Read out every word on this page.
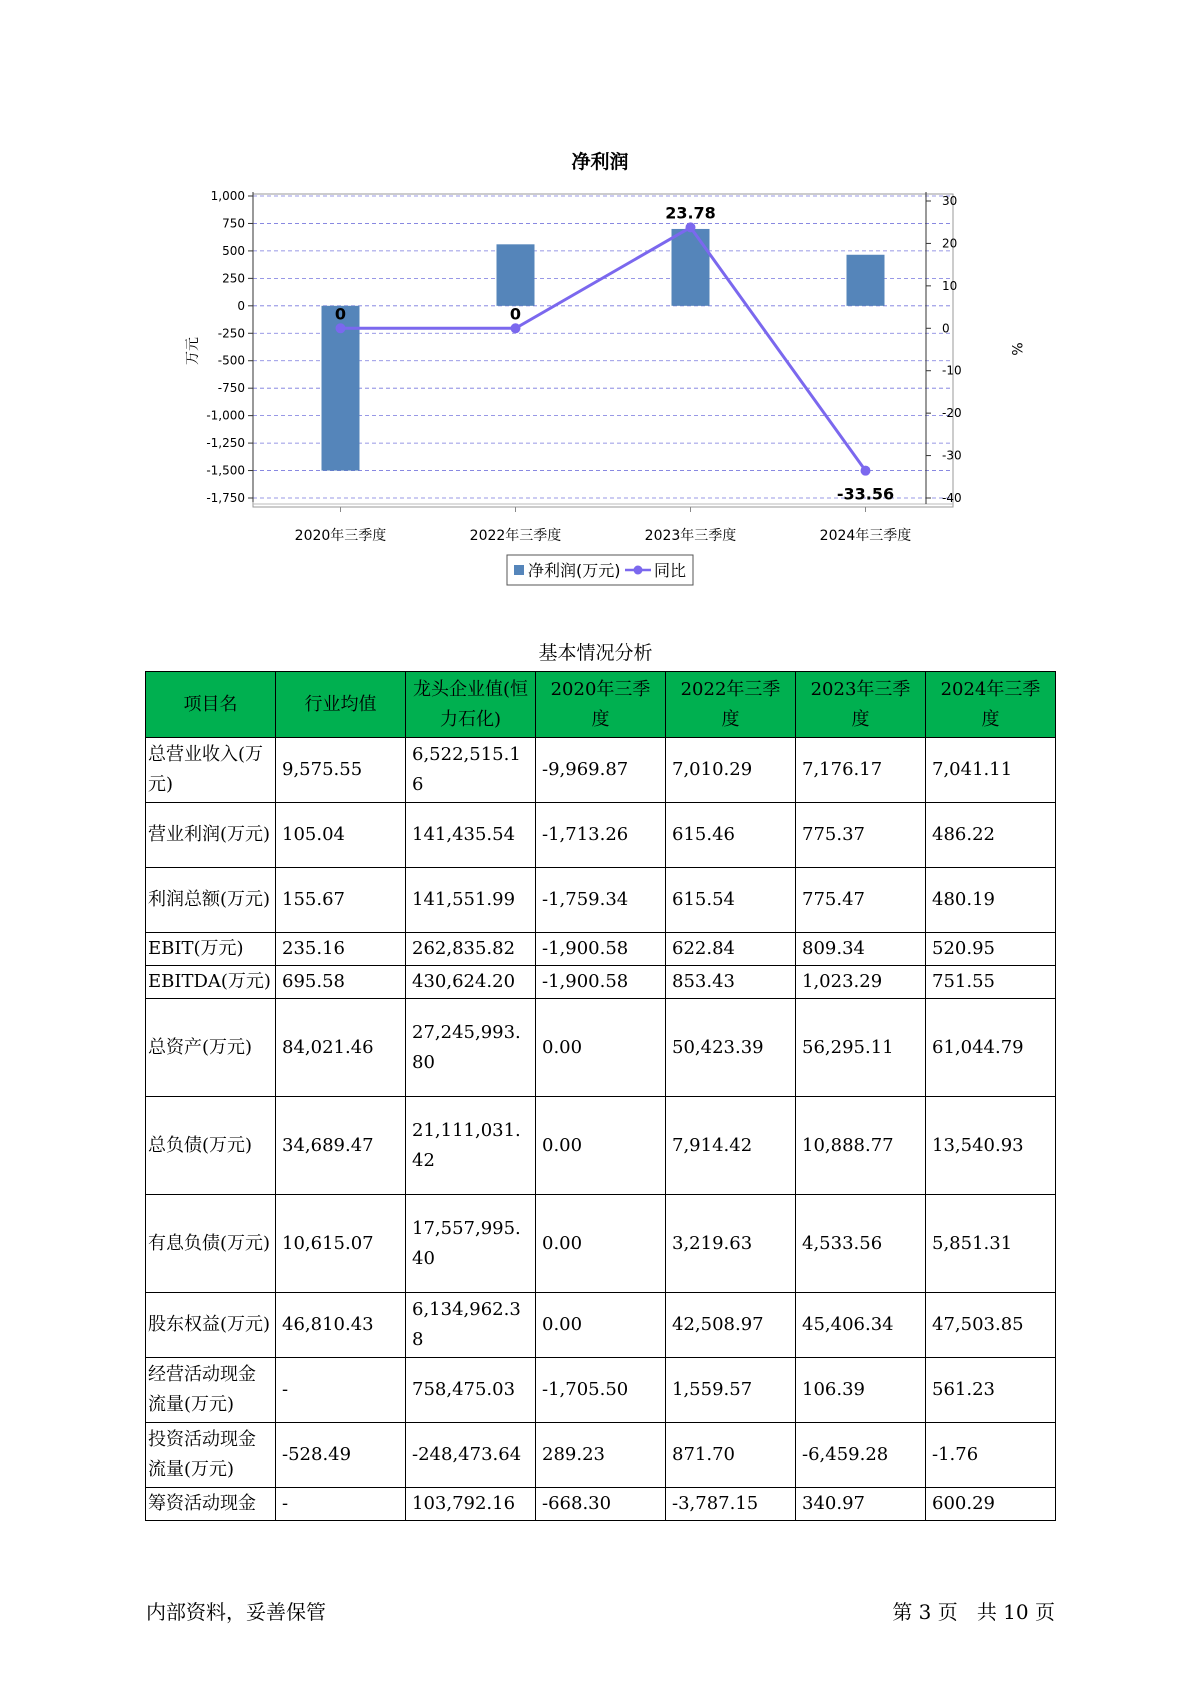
净利润
1,000
750
500
250
0
-250
-500
-750
-1,000
-1,250
-1,500
-1,750
30
20
10
0
-10
-20
-30
-40
0	0
23.78
-33.56
2020年三季度	2022年三季度	2023年三季度	2024年三季度
万元	%
净利润(万元) 同比
基本情况分析
项目名	行业均值	龙头企业值(恒力石化)	2020年三季度	2022年三季度	2023年三季度	2024年三季度
总营业收入(万元)	9,575.55	6,522,515.16	-9,969.87	7,010.29	7,176.17	7,041.11
营业利润(万元)	105.04	141,435.54	-1,713.26	615.46	775.37	486.22
利润总额(万元)	155.67	141,551.99	-1,759.34	615.54	775.47	480.19
EBIT(万元)	235.16	262,835.82	-1,900.58	622.84	809.34	520.95
EBITDA(万元)	695.58	430,624.20	-1,900.58	853.43	1,023.29	751.55
总资产(万元)	84,021.46	27,245,993.80	0.00	50,423.39	56,295.11	61,044.79
总负债(万元)	34,689.47	21,111,031.42	0.00	7,914.42	10,888.77	13,540.93
有息负债(万元)	10,615.07	17,557,995.40	0.00	3,219.63	4,533.56	5,851.31
股东权益(万元)	46,810.43	6,134,962.38	0.00	42,508.97	45,406.34	47,503.85
经营活动现金流量(万元)	-	758,475.03	-1,705.50	1,559.57	106.39	561.23
投资活动现金流量(万元)	-528.49	-248,473.64	289.23	871.70	-6,459.28	-1.76
筹资活动现金	-	103,792.16	-668.30	-3,787.15	340.97	600.29
内部资料，妥善保管	第 3 页   共 10 页
